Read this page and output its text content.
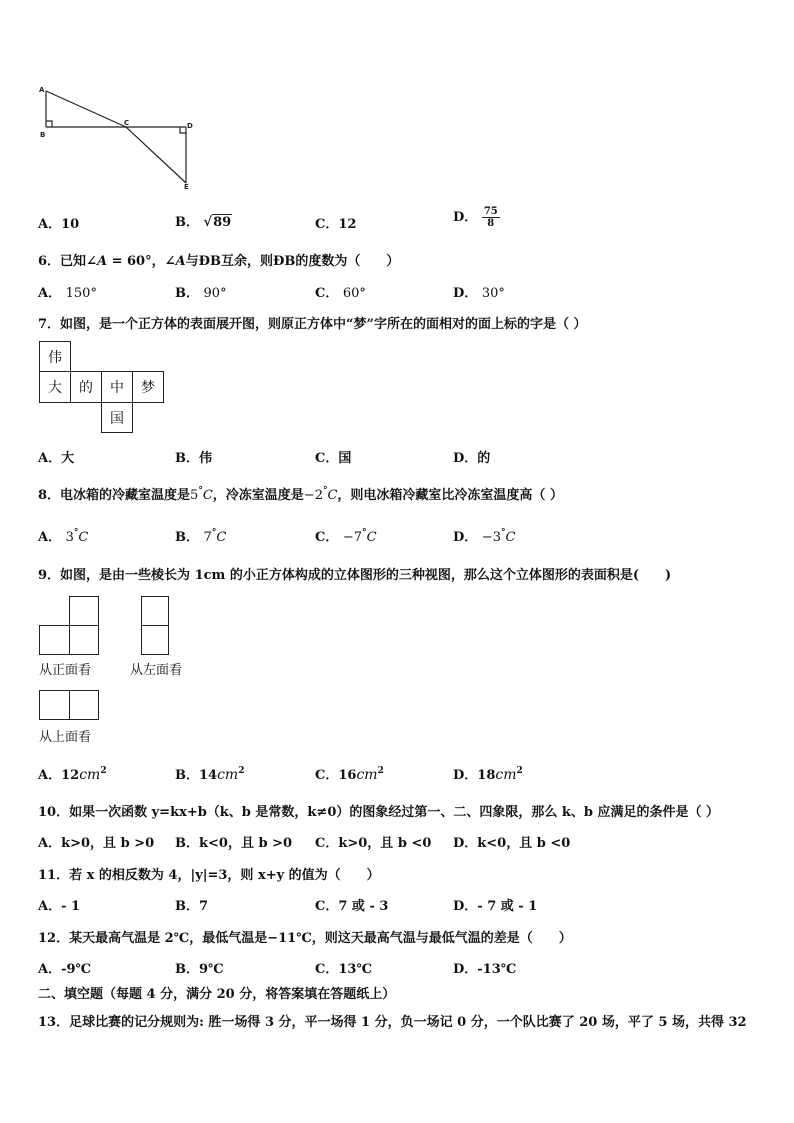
A
B
C	D
E
A．10	B． √89	C．12	D． $\frac{75}{8}$
6．已知∠A = 60°，∠A与ÐB互余，则ÐB的度数为（　　）
A． 150°	B． 90°	C． 60°	D． 30°
7．如图，是一个正方体的表面展开图，则原正方体中“梦”字所在的面相对的面上标的字是（ ）
伟
大	的	中	梦
国
A．大	B．伟	C．国	D．的
8．电冰箱的冷藏室温度是5°C，冷冻室温度是−2°C，则电冰箱冷藏室比冷冻室温度高（ ）
A． 3°C	B． 7°C	C． −7°C	D． −3°C
9．如图，是由一些棱长为 1cm 的小正方体构成的立体图形的三种视图，那么这个立体图形的表面积是(　　)
从正面看	从左面看
从上面看
A．$12cm^2$	B．$14cm^2$	C．$16cm^2$	D．$18cm^2$
10．如果一次函数 y=kx+b（k、b 是常数，k≠0）的图象经过第一、二、四象限，那么 k、b 应满足的条件是（ ）
A．k>0，且 b >0 B．k<0，且 b >0 C．k>0，且 b <0 D．k<0，且 b <0
11．若 x 的相反数为 4，|y|=3，则 x+y 的值为（　　）
A．- 1	B．7	C．7 或 - 3	D．- 7 或 - 1
12．某天最高气温是 2℃，最低气温是−11℃，则这天最高气温与最低气温的差是（　　）
A．-9℃	B．9℃	C．13℃	D．-13℃
二、填空题（每题 4 分，满分 20 分，将答案填在答题纸上）
13．足球比赛的记分规则为: 胜一场得 3 分，平一场得 1 分，负一场记 0 分，一个队比赛了 20 场，平了 5 场，共得 32
